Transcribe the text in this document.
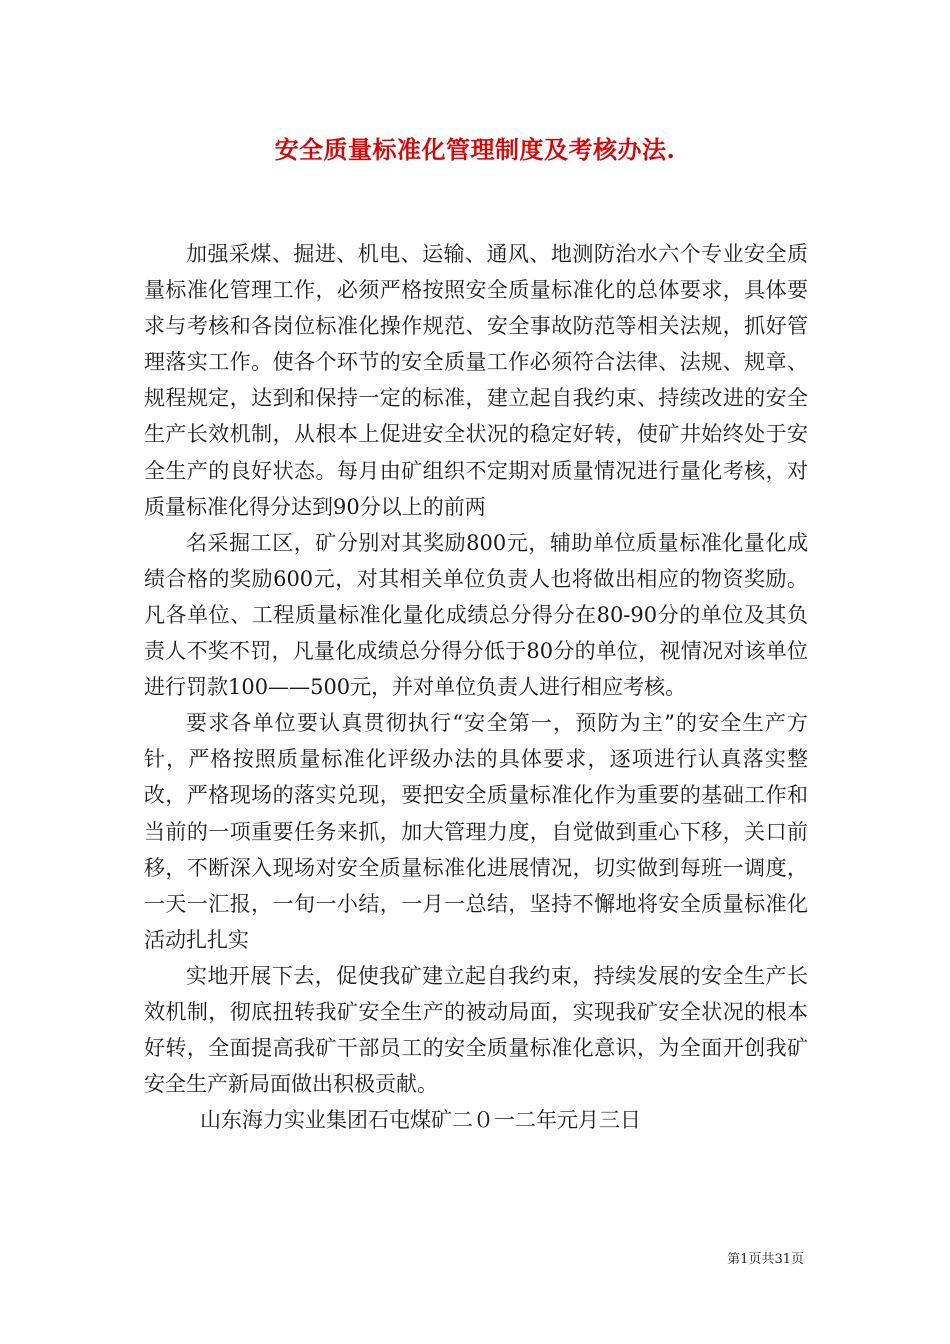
安全质量标准化管理制度及考核办法.

加强采煤、掘进、机电、运输、通风、地测防治水六个专业安全质量标准化管理工作，必须严格按照安全质量标准化的总体要求，具体要求与考核和各岗位标准化操作规范、安全事故防范等相关法规，抓好管理落实工作。使各个环节的安全质量工作必须符合法律、法规、规章、规程规定，达到和保持一定的标准，建立起自我约束、持续改进的安全生产长效机制，从根本上促进安全状况的稳定好转，使矿井始终处于安全生产的良好状态。每月由矿组织不定期对质量情况进行量化考核，对质量标准化得分达到90分以上的前两

名采掘工区，矿分别对其奖励800元，辅助单位质量标准化量化成绩合格的奖励600元，对其相关单位负责人也将做出相应的物资奖励。凡各单位、工程质量标准化量化成绩总分得分在80-90分的单位及其负责人不奖不罚，凡量化成绩总分得分低于80分的单位，视情况对该单位进行罚款100——500元，并对单位负责人进行相应考核。

要求各单位要认真贯彻执行“安全第一，预防为主”的安全生产方针，严格按照质量标准化评级办法的具体要求，逐项进行认真落实整改，严格现场的落实兑现，要把安全质量标准化作为重要的基础工作和当前的一项重要任务来抓，加大管理力度，自觉做到重心下移，关口前移，不断深入现场对安全质量标准化进展情况，切实做到每班一调度，一天一汇报，一旬一小结，一月一总结，坚持不懈地将安全质量标准化活动扎扎实

实地开展下去，促使我矿建立起自我约束，持续发展的安全生产长效机制，彻底扭转我矿安全生产的被动局面，实现我矿安全状况的根本好转，全面提高我矿干部员工的安全质量标准化意识，为全面开创我矿安全生产新局面做出积极贡献。

山东海力实业集团石屯煤矿二０一二年元月三日

第1页共31页
